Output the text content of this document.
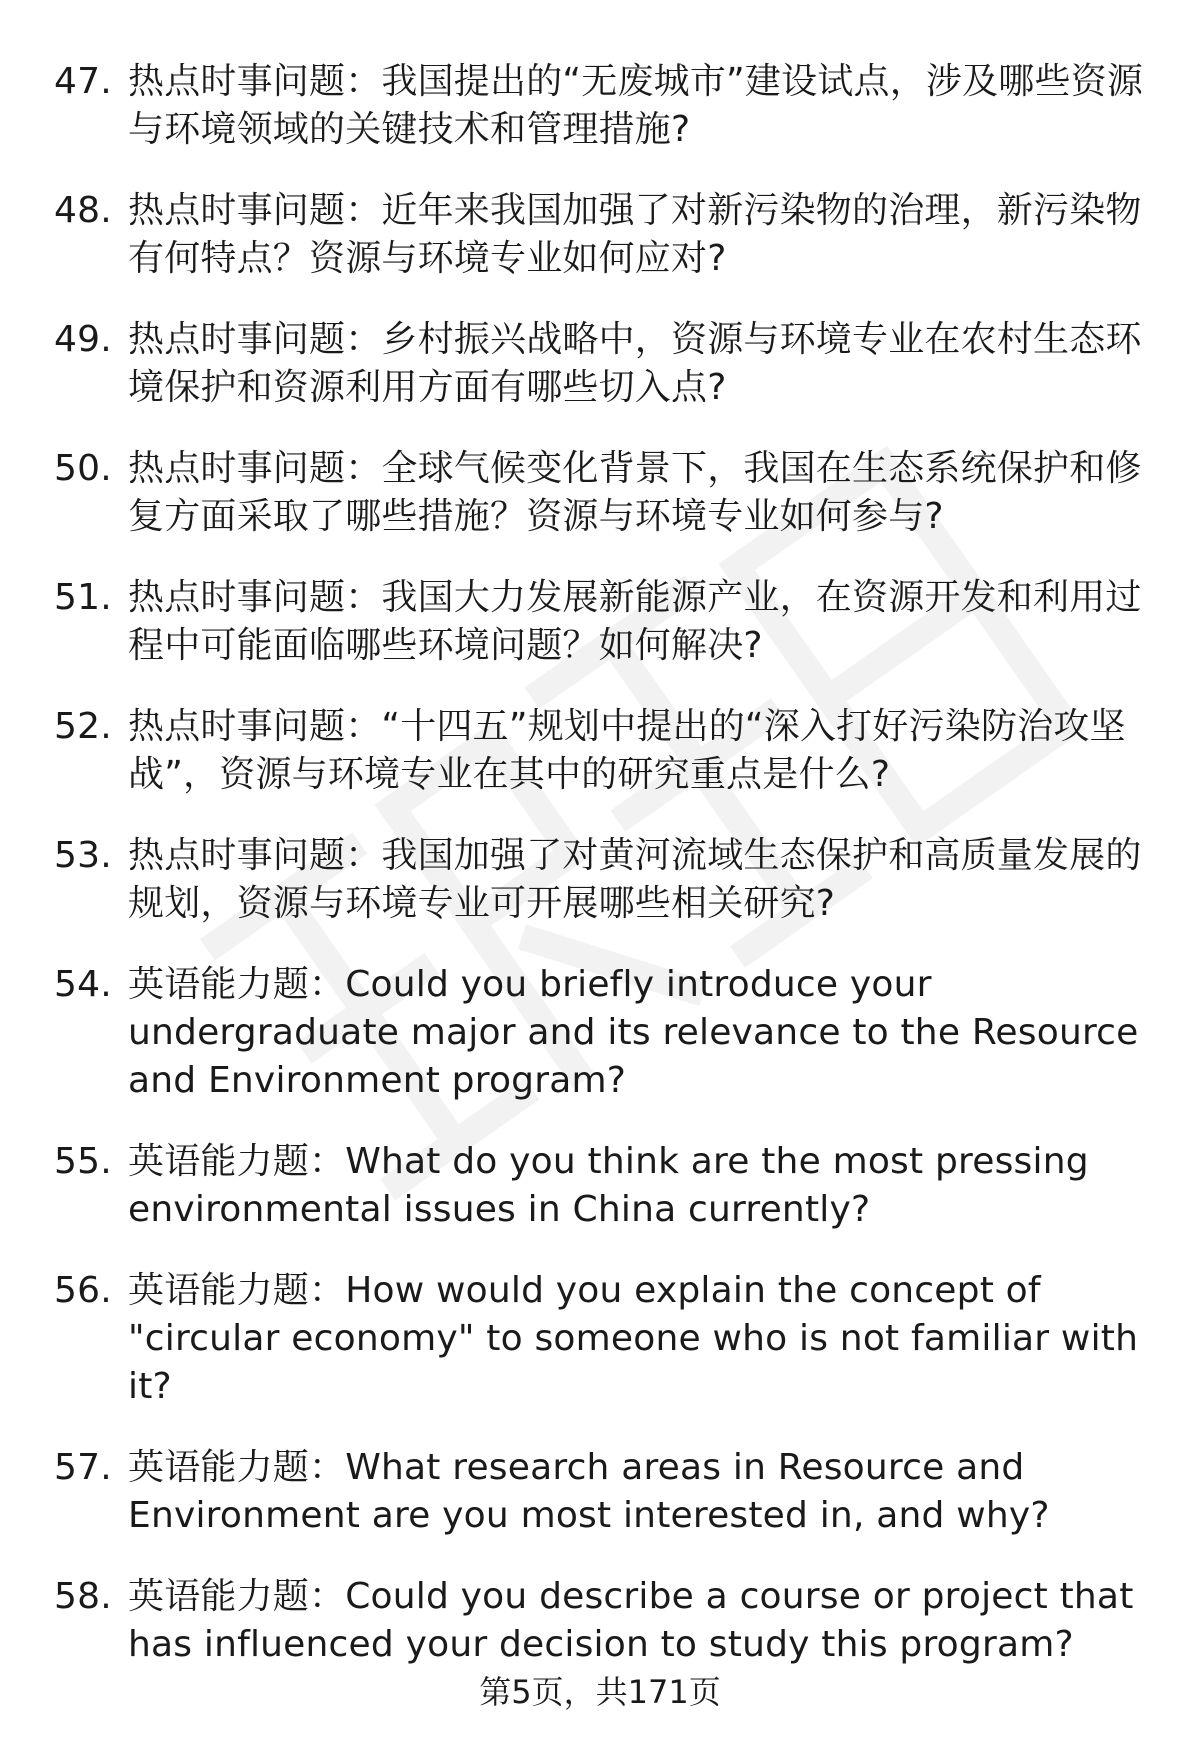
47. 热点时事问题：我国提出的“无废城市”建设试点，涉及哪些资源与环境领域的关键技术和管理措施?
48. 热点时事问题：近年来我国加强了对新污染物的治理，新污染物有何特点？资源与环境专业如何应对?
49. 热点时事问题：乡村振兴战略中，资源与环境专业在农村生态环境保护和资源利用方面有哪些切入点?
50. 热点时事问题：全球气候变化背景下，我国在生态系统保护和修复方面采取了哪些措施？资源与环境专业如何参与?
51. 热点时事问题：我国大力发展新能源产业，在资源开发和利用过程中可能面临哪些环境问题？如何解决?
52. 热点时事问题：“十四五”规划中提出的“深入打好污染防治攻坚战”，资源与环境专业在其中的研究重点是什么?
53. 热点时事问题：我国加强了对黄河流域生态保护和高质量发展的规划，资源与环境专业可开展哪些相关研究?
54. 英语能力题：Could you briefly introduce your undergraduate major and its relevance to the Resource and Environment program?
55. 英语能力题：What do you think are the most pressing environmental issues in China currently?
56. 英语能力题：How would you explain the concept of "circular economy" to someone who is not familiar with it?
57. 英语能力题：What research areas in Resource and Environment are you most interested in, and why?
58. 英语能力题：Could you describe a course or project that has influenced your decision to study this program?
第5页，共171页
